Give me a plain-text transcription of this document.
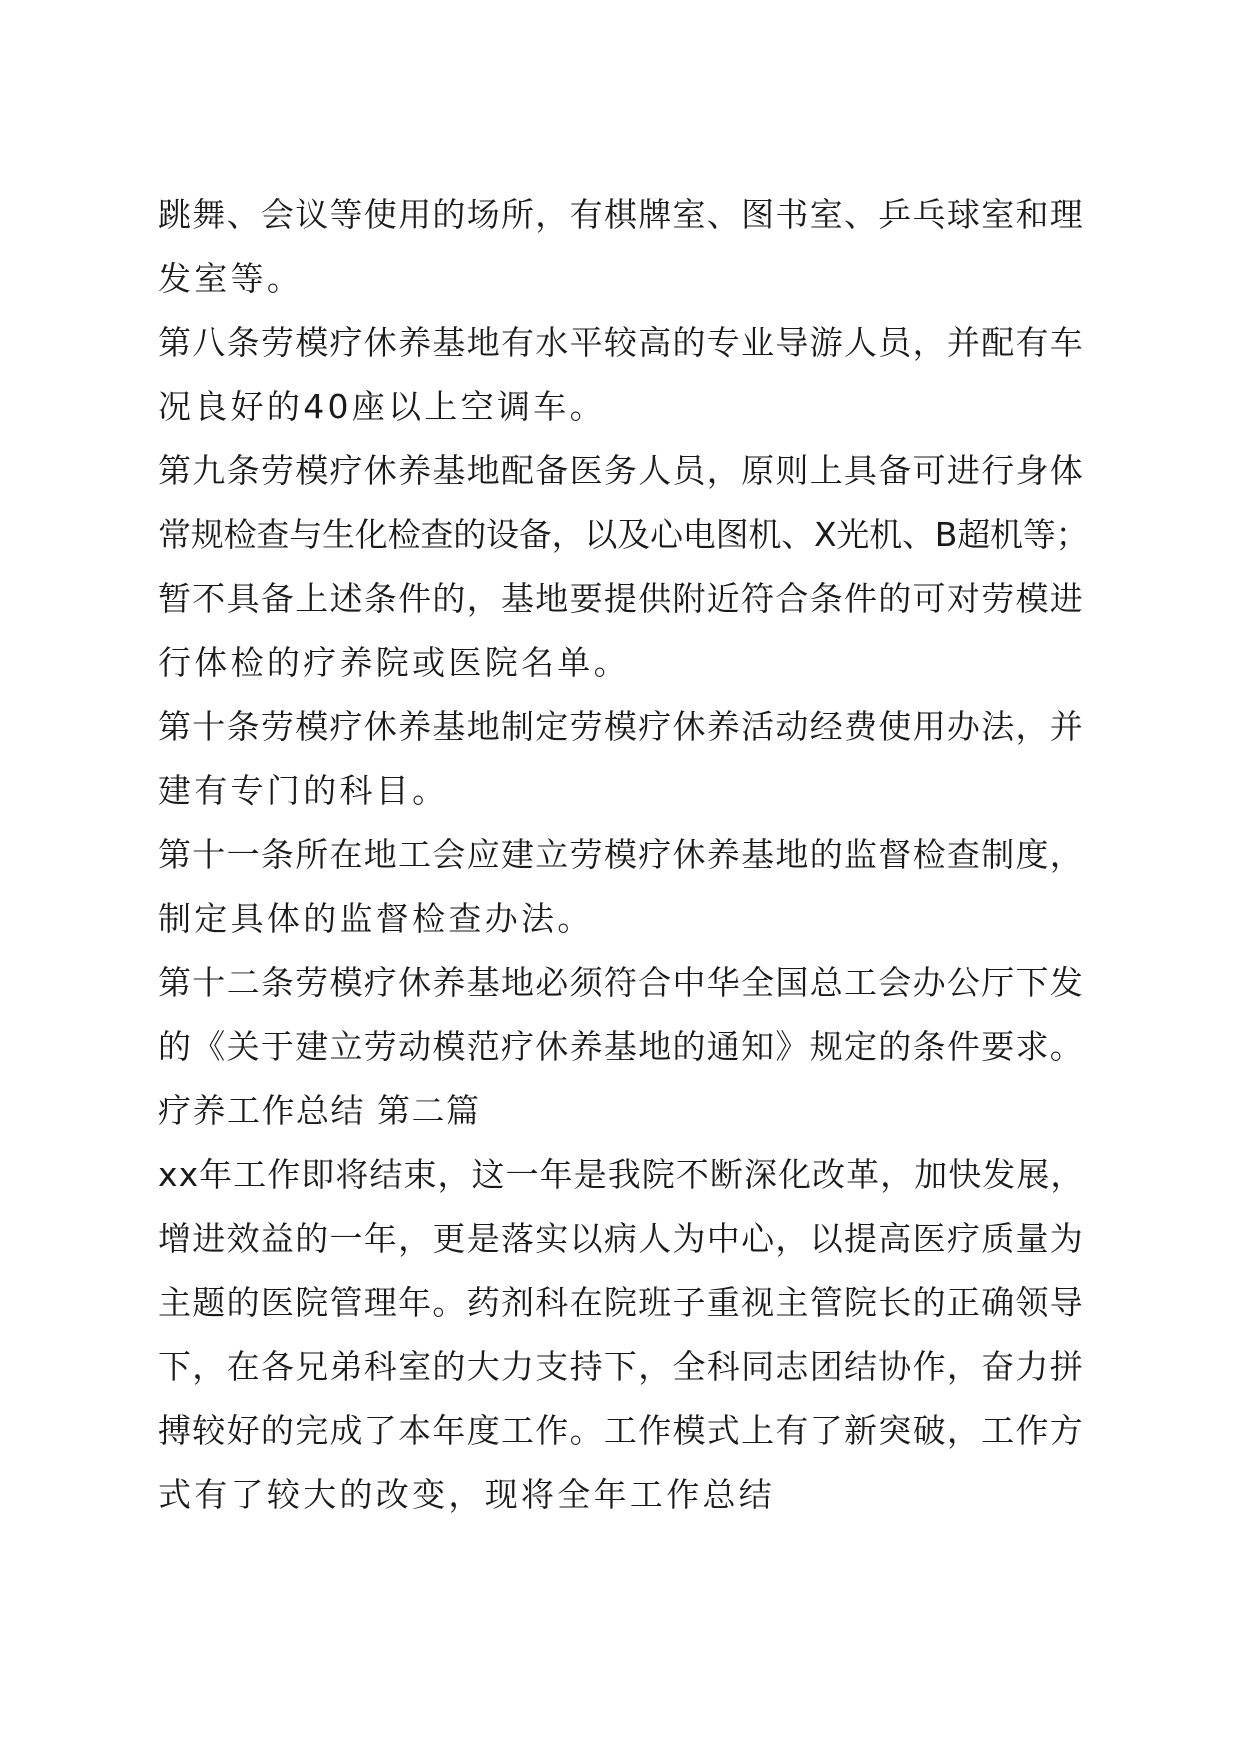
跳舞、会议等使用的场所，有棋牌室、图书室、乒乓球室和理
发室等。
第八条劳模疗休养基地有水平较高的专业导游人员，并配有车
况良好的40座以上空调车。
第九条劳模疗休养基地配备医务人员，原则上具备可进行身体
常规检查与生化检查的设备，以及心电图机、X光机、B超机等；
暂不具备上述条件的，基地要提供附近符合条件的可对劳模进
行体检的疗养院或医院名单。
第十条劳模疗休养基地制定劳模疗休养活动经费使用办法，并
建有专门的科目。
第十一条所在地工会应建立劳模疗休养基地的监督检查制度，
制定具体的监督检查办法。
第十二条劳模疗休养基地必须符合中华全国总工会办公厅下发
的《关于建立劳动模范疗休养基地的通知》规定的条件要求。
疗养工作总结 第二篇
xx年工作即将结束，这一年是我院不断深化改革，加快发展，
增进效益的一年，更是落实以病人为中心，以提高医疗质量为
主题的医院管理年。药剂科在院班子重视主管院长的正确领导
下，在各兄弟科室的大力支持下，全科同志团结协作，奋力拼
搏较好的完成了本年度工作。工作模式上有了新突破，工作方
式有了较大的改变，现将全年工作总结
